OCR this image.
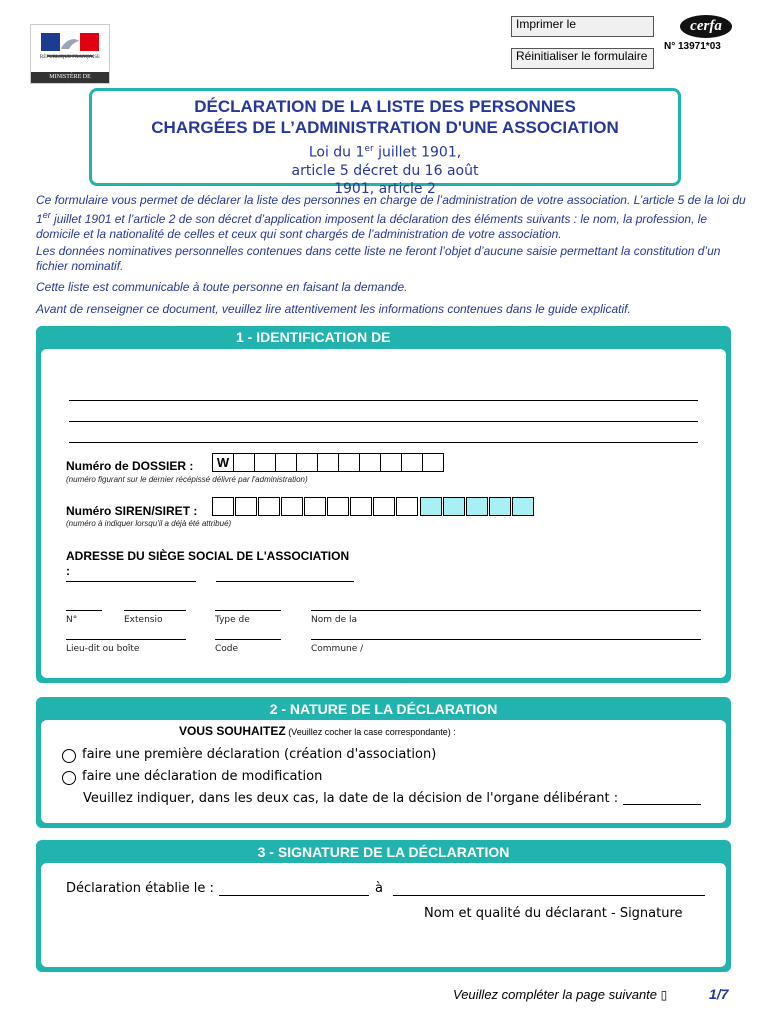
RÉPUBLIQUE FRANÇAISE
MINISTÈRE DE L'INTÉRIEUR
Imprimer le
Réinitialiser le formulaire
cerfa
N° 13971*03
DÉCLARATION DE LA LISTE DES PERSONNES
CHARGÉES DE L’ADMINISTRATION D'UNE ASSOCIATION
Loi du 1er juillet 1901,
article 5 décret du 16 août
1901, article 2
Ce formulaire vous permet de déclarer la liste des personnes en charge de l’administration de votre association. L’article 5 de la loi du 1er juillet 1901 et l’article 2 de son décret d’application imposent la déclaration des éléments suivants : le nom, la profession, le domicile et la nationalité de celles et ceux qui sont chargés de l’administration de votre association.
Les données nominatives personnelles contenues dans cette liste ne feront l’objet d’aucune saisie permettant la constitution d’un fichier nominatif.
Cette liste est communicable à toute personne en faisant la demande.
Avant de renseigner ce document, veuillez lire attentivement les informations contenues dans le guide explicatif.
1 - IDENTIFICATION DE
Numéro de DOSSIER :	W
(numéro figurant sur le dernier récépissé délivré par l'administration)
Numéro SIREN/SIRET :
(numéro à indiquer lorsqu'il a déjà été attribué)
ADRESSE DU SIÈGE SOCIAL DE L'ASSOCIATION
:
N°	Extensio	Type de	Nom de la
Lieu-dit ou boîte	Code	Commune /
2 - NATURE DE LA DÉCLARATION
VOUS SOUHAITEZ (Veuillez cocher la case correspondante) :
faire une première déclaration (création d'association)
faire une déclaration de modification
Veuillez indiquer, dans les deux cas, la date de la décision de l'organe délibérant :
3 - SIGNATURE DE LA DÉCLARATION
Déclaration établie le :	à
Nom et qualité du déclarant - Signature
Veuillez compléter la page suivante ▯	1/7
